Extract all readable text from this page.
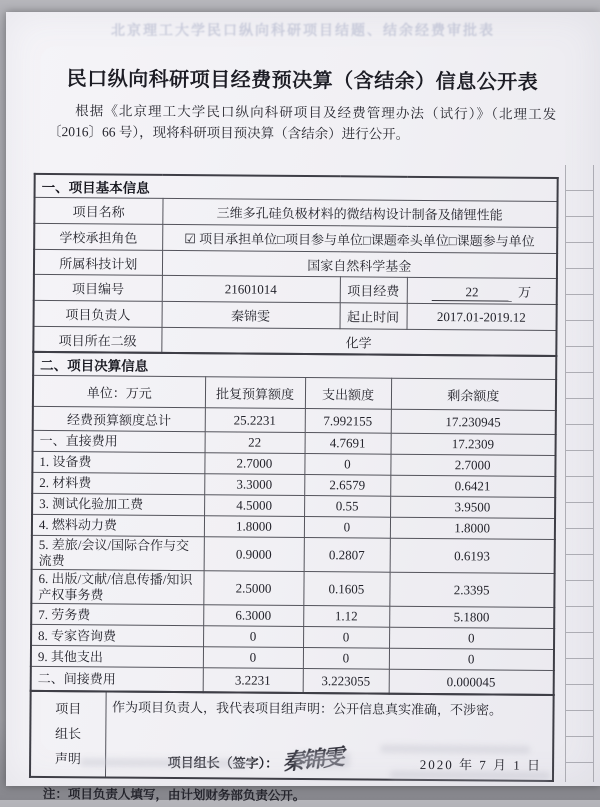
北京理工大学民口纵向科研项目结题、结余经费审批表
民口纵向科研项目经费预决算（含结余）信息公开表

根据《北京理工大学民口纵向科研项目及经费管理办法（试行）》（北理工发〔2016〕66 号），现将科研项目预决算（含结余）进行公开。

一、项目基本信息			
项目名称	三维多孔硅负极材料的微结构设计制备及储锂性能		
学校承担角色	☑ 项目承担单位□项目参与单位□课题牵头单位□课题参与单位		
所属科技计划	国家自然科学基金		
项目编号	21601014	项目经费	22 万
项目负责人	秦锦雯	起止时间	2017.01-2019.12
项目所在二级	化学		
二、项目决算信息			
单位：万元	批复预算额度	支出额度	剩余额度
经费预算额度总计	25.2231	7.992155	17.230945
一、直接费用	22	4.7691	17.2309
1. 设备费	2.7000	0	2.7000
2. 材料费	3.3000	2.6579	0.6421
3. 测试化验加工费	4.5000	0.55	3.9500
4. 燃料动力费	1.8000	0	1.8000
5. 差旅/会议/国际合作与交流费	0.9000	0.2807	0.6193
6. 出版/文献/信息传播/知识产权事务费	2.5000	0.1605	2.3395
7. 劳务费	6.3000	1.12	5.1800
8. 专家咨询费	0	0	0
9. 其他支出	0	0	0
二、间接费用	3.2231	3.223055	0.000045
项目
组长
声明

作为项目负责人，我代表项目组声明：公开信息真实准确，不涉密。
项目组长（签字）： 秦锦雯	2020 年 7 月 1 日
注：项目负责人填写，由计划财务部负责公开。
